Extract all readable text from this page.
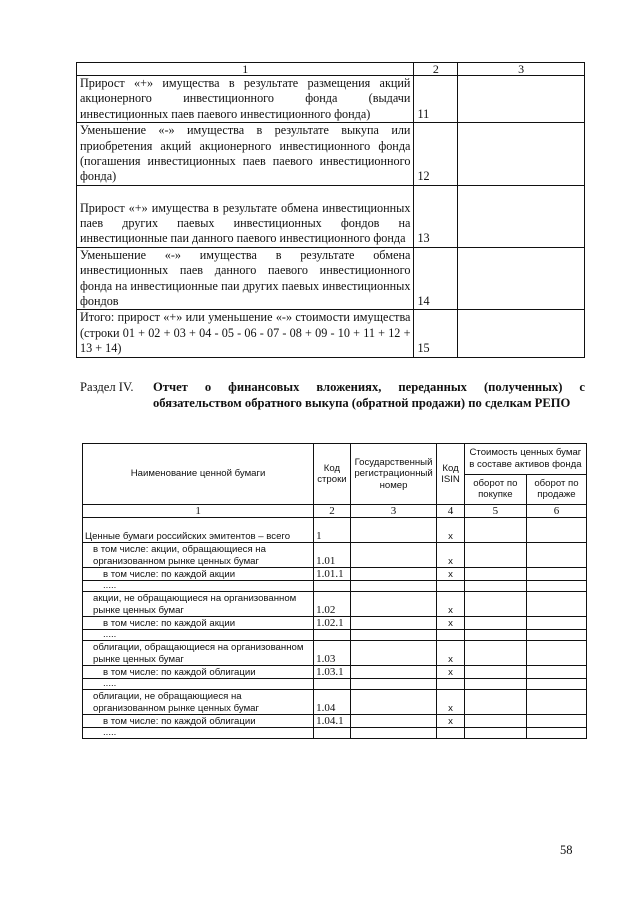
1	2	3
Прирост «+» имущества в результате размещения акций акционерного инвестиционного фонда (выдачи инвестиционных паев паевого инвестиционного фонда)	11	
Уменьшение «-» имущества в результате выкупа или приобретения акций акционерного инвестиционного фонда (погашения инвестиционных паев паевого инвестиционного фонда)	12	
Прирост «+» имущества в результате обмена инвестиционных паев других паевых инвестиционных фондов на инвестиционные паи данного паевого инвестиционного фонда	13	
Уменьшение «-» имущества в результате обмена инвестиционных паев данного паевого инвестиционного фонда на инвестиционные паи других паевых инвестиционных фондов	14	
Итого: прирост «+» или уменьшение «-» стоимости имущества (строки 01 + 02 + 03 + 04 - 05 - 06 - 07 - 08 + 09 - 10 + 11 + 12 + 13 + 14)	15	
Раздел IV. Отчет о финансовых вложениях, переданных (полученных) с обязательством обратного выкупа (обратной продажи) по сделкам РЕПО
Наименование ценной бумаги	Код строки	Государственный регистрационный номер	Код ISIN	Стоимость ценных бумаг в составе активов фонда	
				оборот по покупке	оборот по продаже
1	2	3	4	5	6
Ценные бумаги российских эмитентов – всего	1		x		
в том числе: акции, обращающиеся на организованном рынке ценных бумаг	1.01		x		
в том числе: по каждой акции	1.01.1		x		
.....					
акции, не обращающиеся на организованном рынке ценных бумаг	1.02		x		
в том числе: по каждой акции	1.02.1		x		
.....					
облигации, обращающиеся на организованном рынке ценных бумаг	1.03		x		
в том числе: по каждой облигации	1.03.1		x		
.....					
облигации, не обращающиеся на организованном рынке ценных бумаг	1.04		x		
в том числе: по каждой облигации	1.04.1		x		
.....					
58
